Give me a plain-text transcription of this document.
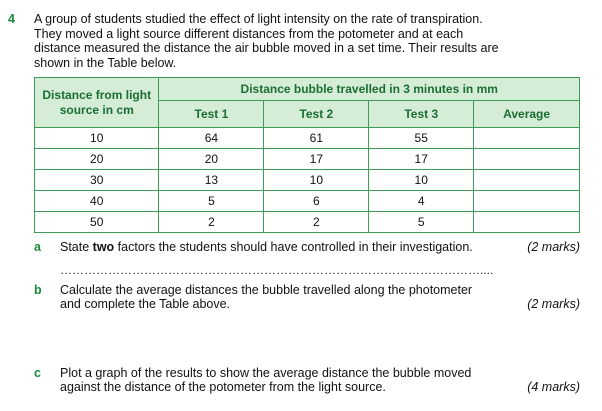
4 A group of students studied the effect of light intensity on the rate of transpiration. They moved a light source different distances from the potometer and at each distance measured the distance the air bubble moved in a set time. Their results are shown in the Table below.
Distance from light source in cm	Distance bubble travelled in 3 minutes in mm			
	Test 1	Test 2	Test 3	Average
10	64	61	55	
20	20	17	17	
30	13	10	10	
40	5	6	4	
50	2	2	5	
a State two factors the students should have controlled in their investigation.	(2 marks)
……………………………………………………………………………………………....
b Calculate the average distances the bubble travelled along the photometer
and complete the Table above.	(2 marks)
c Plot a graph of the results to show the average distance the bubble moved
against the distance of the potometer from the light source.	(4 marks)
